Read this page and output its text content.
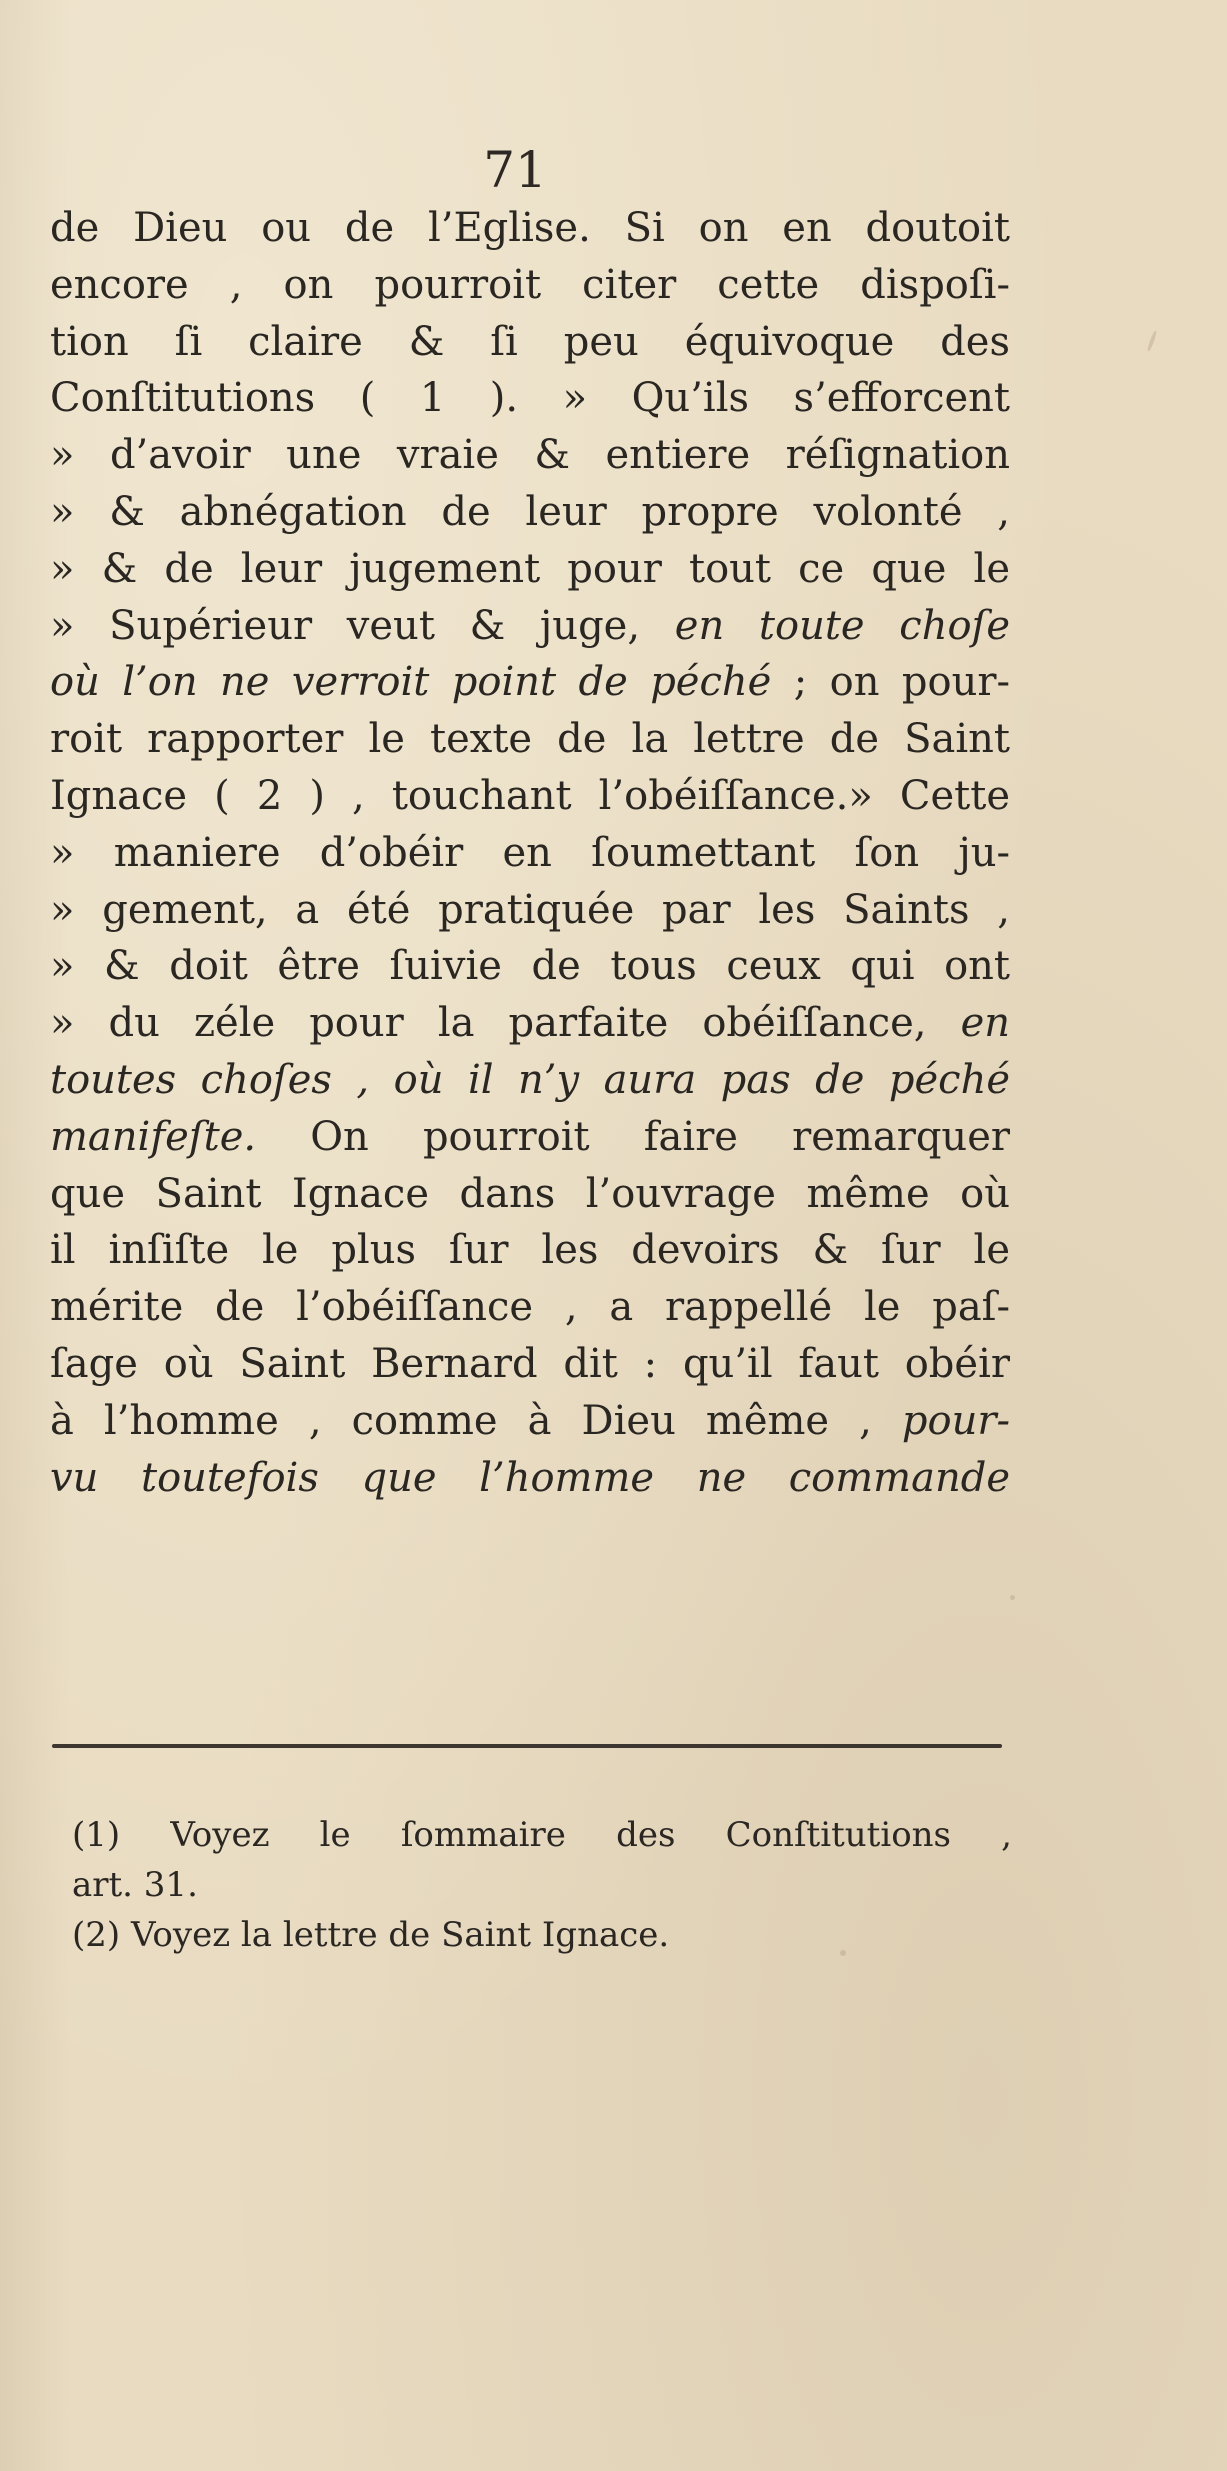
71
de Dieu ou de l’Eglise. Si on en doutoit
encore , on pourroit citer cette dispoſi-
tion ſi claire & ſi peu équivoque des
Conſtitutions ( 1 ). » Qu’ils s’efforcent
» d’avoir une vraie & entiere réſignation
» & abnégation de leur propre volonté ,
» & de leur jugement pour tout ce que le
» Supérieur veut & juge, en toute choſe
où l’on ne verroit point de péché ; on pour-
roit rapporter le texte de la lettre de Saint
Ignace ( 2 ) , touchant l’obéiſſance.» Cette
» maniere d’obéir en ſoumettant ſon ju-
» gement, a été pratiquée par les Saints ,
» & doit être ſuivie de tous ceux qui ont
» du zéle pour la parfaite obéiſſance, en
toutes choſes , où il n’y aura pas de péché
manifeſte. On pourroit faire remarquer
que Saint Ignace dans l’ouvrage même où
il inſiſte le plus ſur les devoirs & ſur le
mérite de l’obéiſſance , a rappellé le paſ-
ſage où Saint Bernard dit : qu’il faut obéir
à l’homme , comme à Dieu même , pour-
vu toutefois que l’homme ne commande
(1) Voyez le ſommaire des Conſtitutions ,
art. 31.
(2) Voyez la lettre de Saint Ignace.
